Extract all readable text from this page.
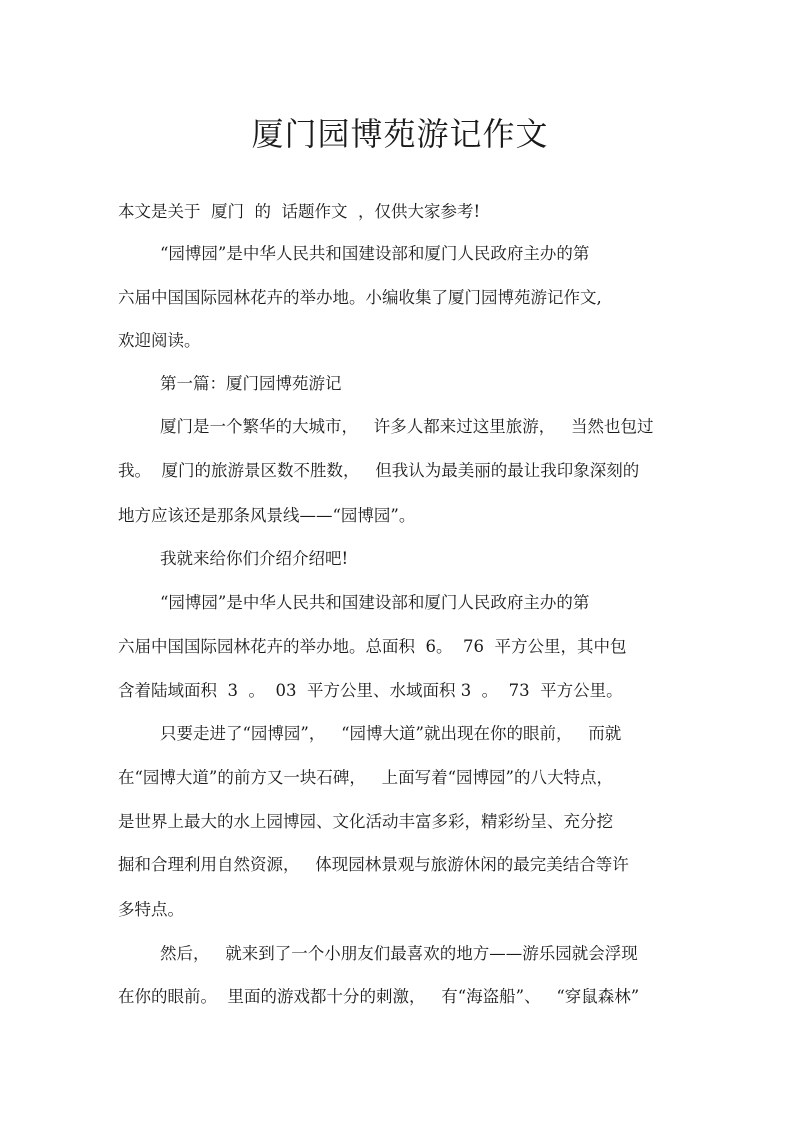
厦门园博苑游记作文

本文是关于  厦门  的  话题作文  ，仅供大家参考!

“园博园”是中华人民共和国建设部和厦门人民政府主办的第

六届中国国际园林花卉的举办地。小编收集了厦门园博苑游记作文,

欢迎阅读。

第一篇：厦门园博苑游记

厦门是一个繁华的大城市，   许多人都来过这里旅游，   当然也包过

我。  厦门的旅游景区数不胜数，   但我认为最美丽的最让我印象深刻的

地方应该还是那条风景线——“园博园”。

我就来给你们介绍介绍吧!

“园博园”是中华人民共和国建设部和厦门人民政府主办的第

六届中国国际园林花卉的举办地。总面积  6。  76  平方公里，其中包

含着陆域面积  3  。  03  平方公里、水域面积 3  。  73  平方公里。

只要走进了“园博园”，   “园博大道”就出现在你的眼前，   而就

在“园博大道”的前方又一块石碑，   上面写着“园博园”的八大特点，

是世界上最大的水上园博园、文化活动丰富多彩，精彩纷呈、充分挖

掘和合理利用自然资源，   体现园林景观与旅游休闲的最完美结合等许

多特点。

然后，   就来到了一个小朋友们最喜欢的地方——游乐园就会浮现

在你的眼前。  里面的游戏都十分的刺激，   有“海盗船”、   “穿鼠森林”
